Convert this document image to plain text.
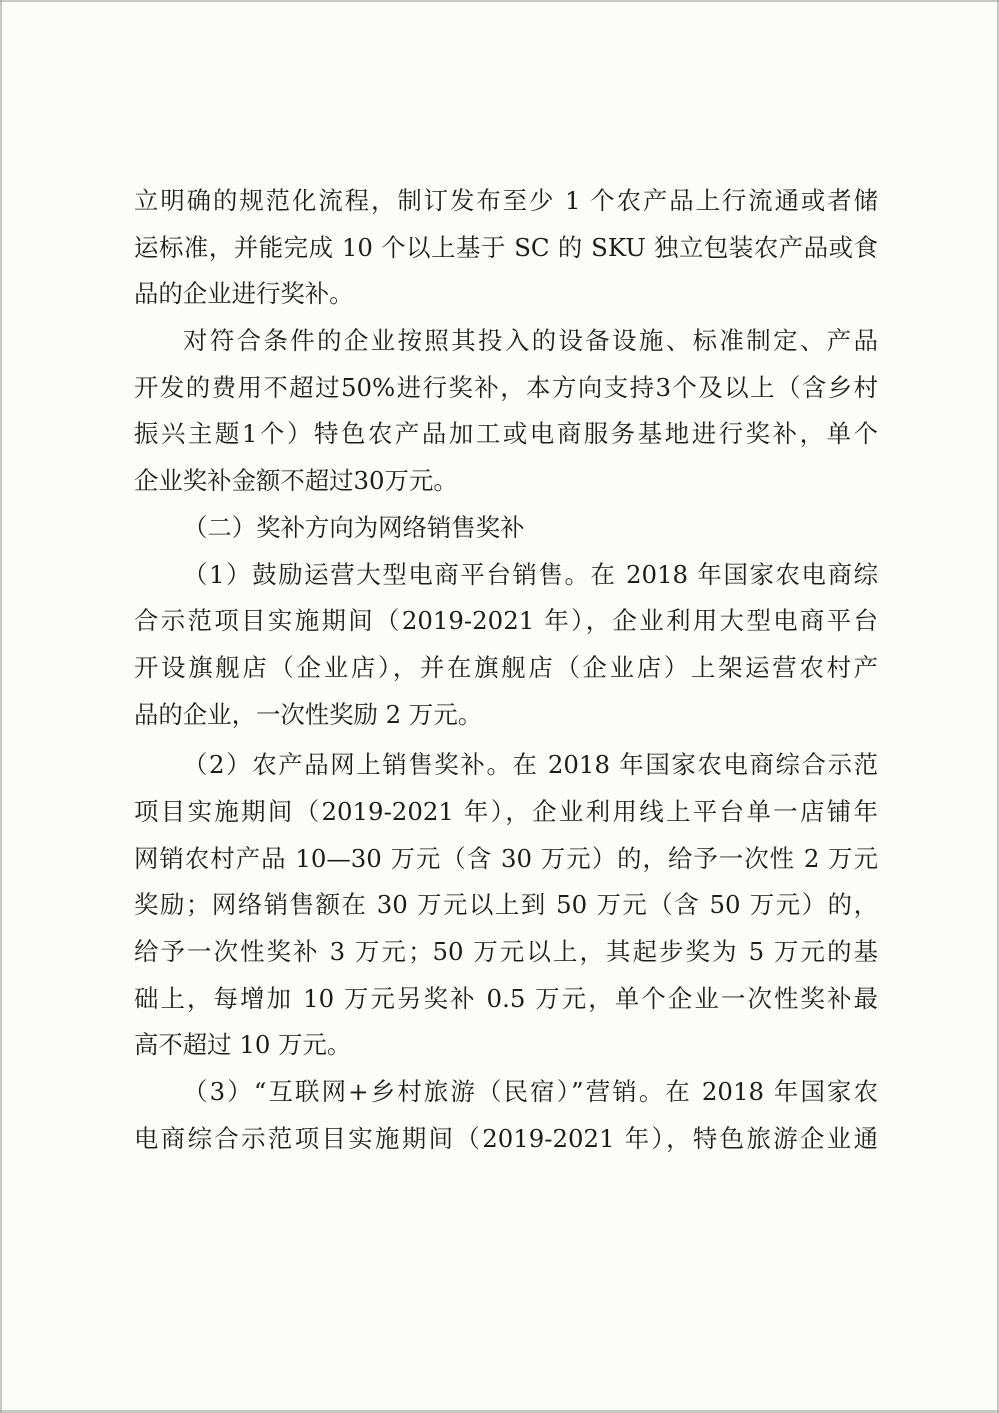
立明确的规范化流程，制订发布至少 1 个农产品上行流通或者储
运标准，并能完成 10 个以上基于 SC 的 SKU 独立包装农产品或食
品的企业进行奖补。
对符合条件的企业按照其投入的设备设施、标准制定、产品
开发的费用不超过50%进行奖补，本方向支持3个及以上（含乡村
振兴主题1个）特色农产品加工或电商服务基地进行奖补，单个
企业奖补金额不超过30万元。
（二）奖补方向为网络销售奖补
（1）鼓励运营大型电商平台销售。在 2018 年国家农电商综
合示范项目实施期间（2019-2021 年），企业利用大型电商平台
开设旗舰店（企业店），并在旗舰店（企业店）上架运营农村产
品的企业，一次性奖励 2 万元。
（2）农产品网上销售奖补。在 2018 年国家农电商综合示范
项目实施期间（2019-2021 年），企业利用线上平台单一店铺年
网销农村产品 10—30 万元（含 30 万元）的，给予一次性 2 万元
奖励；网络销售额在 30 万元以上到 50 万元（含 50 万元）的，
给予一次性奖补 3 万元；50 万元以上，其起步奖为 5 万元的基
础上，每增加 10 万元另奖补 0.5 万元，单个企业一次性奖补最
高不超过 10 万元。
（3）“互联网+乡村旅游（民宿）”营销。在 2018 年国家农
电商综合示范项目实施期间（2019-2021 年），特色旅游企业通
